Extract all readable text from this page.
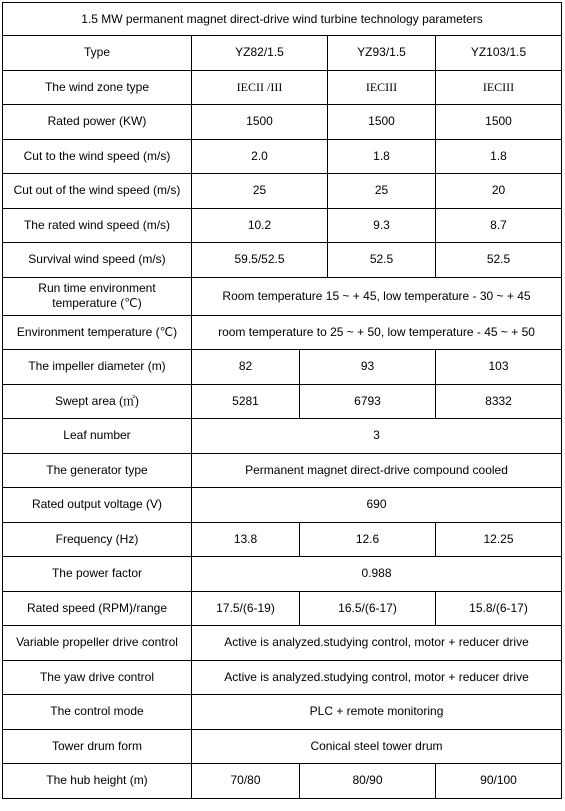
1.5 MW permanent magnet direct-drive wind turbine technology parameters				
Type	YZ82/1.5		YZ93/1.5	YZ103/1.5
The wind zone type	IECII /III		IECIII	IECIII
Rated power (KW)	1500		1500	1500
Cut to the wind speed (m/s)	2.0		1.8	1.8
Cut out of the wind speed (m/s)	25		25	20
The rated wind speed (m/s)	10.2		9.3	8.7
Survival wind speed (m/s)	59.5/52.5		52.5	52.5
Run time environment temperature (℃)	Room temperature 15 ~ + 45, low temperature - 30 ~ + 45			
Environment temperature (℃)	room temperature to 25 ~ + 50, low temperature - 45 ~ + 50			
The impeller diameter (m)	82	93		103
Swept area (㎡)	5281	6793		8332
Leaf number	3			
The generator type	Permanent magnet direct-drive compound cooled			
Rated output voltage (V)	690			
Frequency (Hz)	13.8	12.6		12.25
The power factor	0.988			
Rated speed (RPM)/range	17.5/(6-19)	16.5/(6-17)		15.8/(6-17)
Variable propeller drive control	Active is analyzed.studying control, motor + reducer drive			
The yaw drive control	Active is analyzed.studying control, motor + reducer drive			
The control mode	PLC + remote monitoring			
Tower drum form	Conical steel tower drum			
The hub height (m)	70/80	80/90		90/100
